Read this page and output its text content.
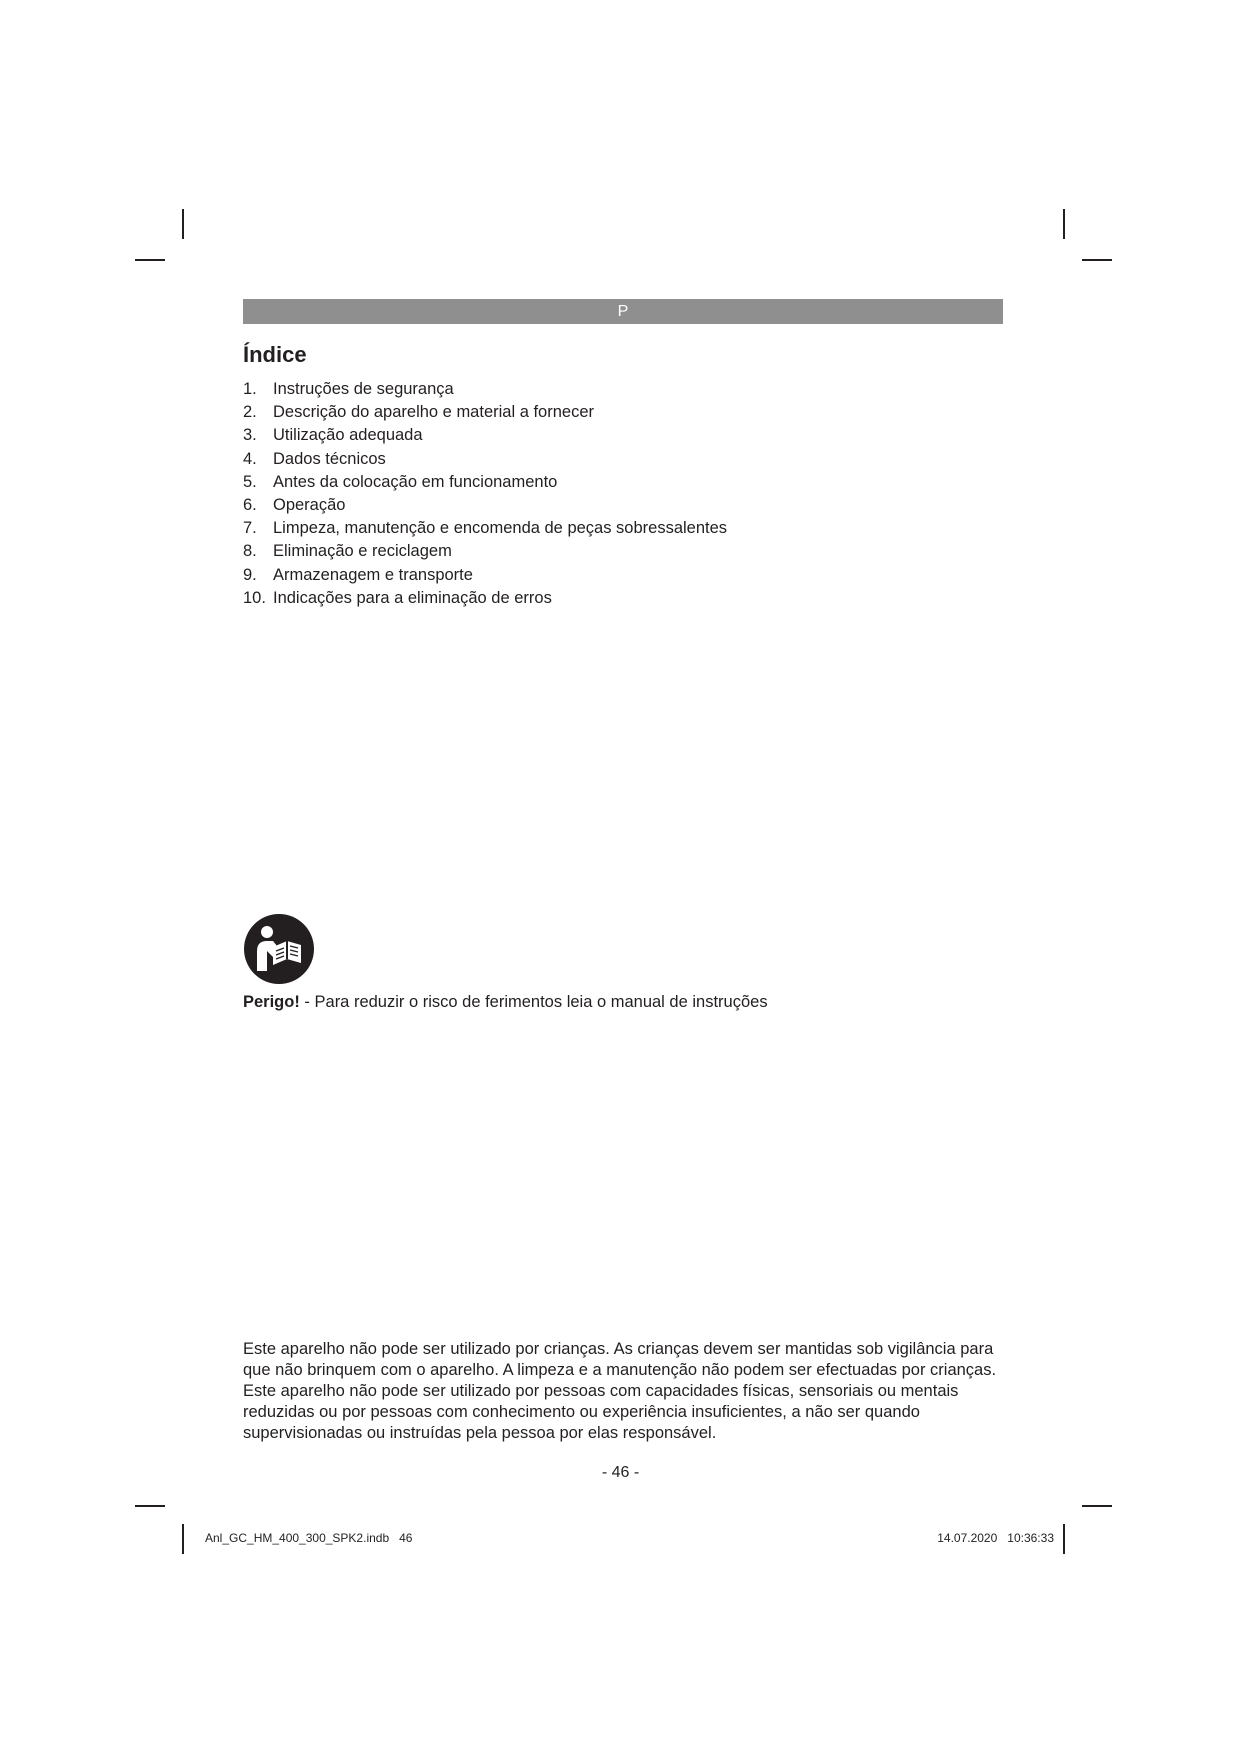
P
Índice
1. Instruções de segurança
2. Descrição do aparelho e material a fornecer
3. Utilização adequada
4. Dados técnicos
5. Antes da colocação em funcionamento
6. Operação
7. Limpeza, manutenção e encomenda de peças sobressalentes
8. Eliminação e reciclagem
9. Armazenagem e transporte
10. Indicações para a eliminação de erros

Perigo! - Para reduzir o risco de ferimentos leia o manual de instruções

Este aparelho não pode ser utilizado por crianças. As crianças devem ser mantidas sob vigilância para que não brinquem com o aparelho. A limpeza e a manutenção não podem ser efectuadas por crianças. Este aparelho não pode ser utilizado por pessoas com capacidades físicas, sensoriais ou mentais reduzidas ou por pessoas com conhecimento ou experiência insuficientes, a não ser quando supervisionadas ou instruídas pela pessoa por elas responsável.

- 46 -
Anl_GC_HM_400_300_SPK2.indb   46	14.07.2020   10:36:33
